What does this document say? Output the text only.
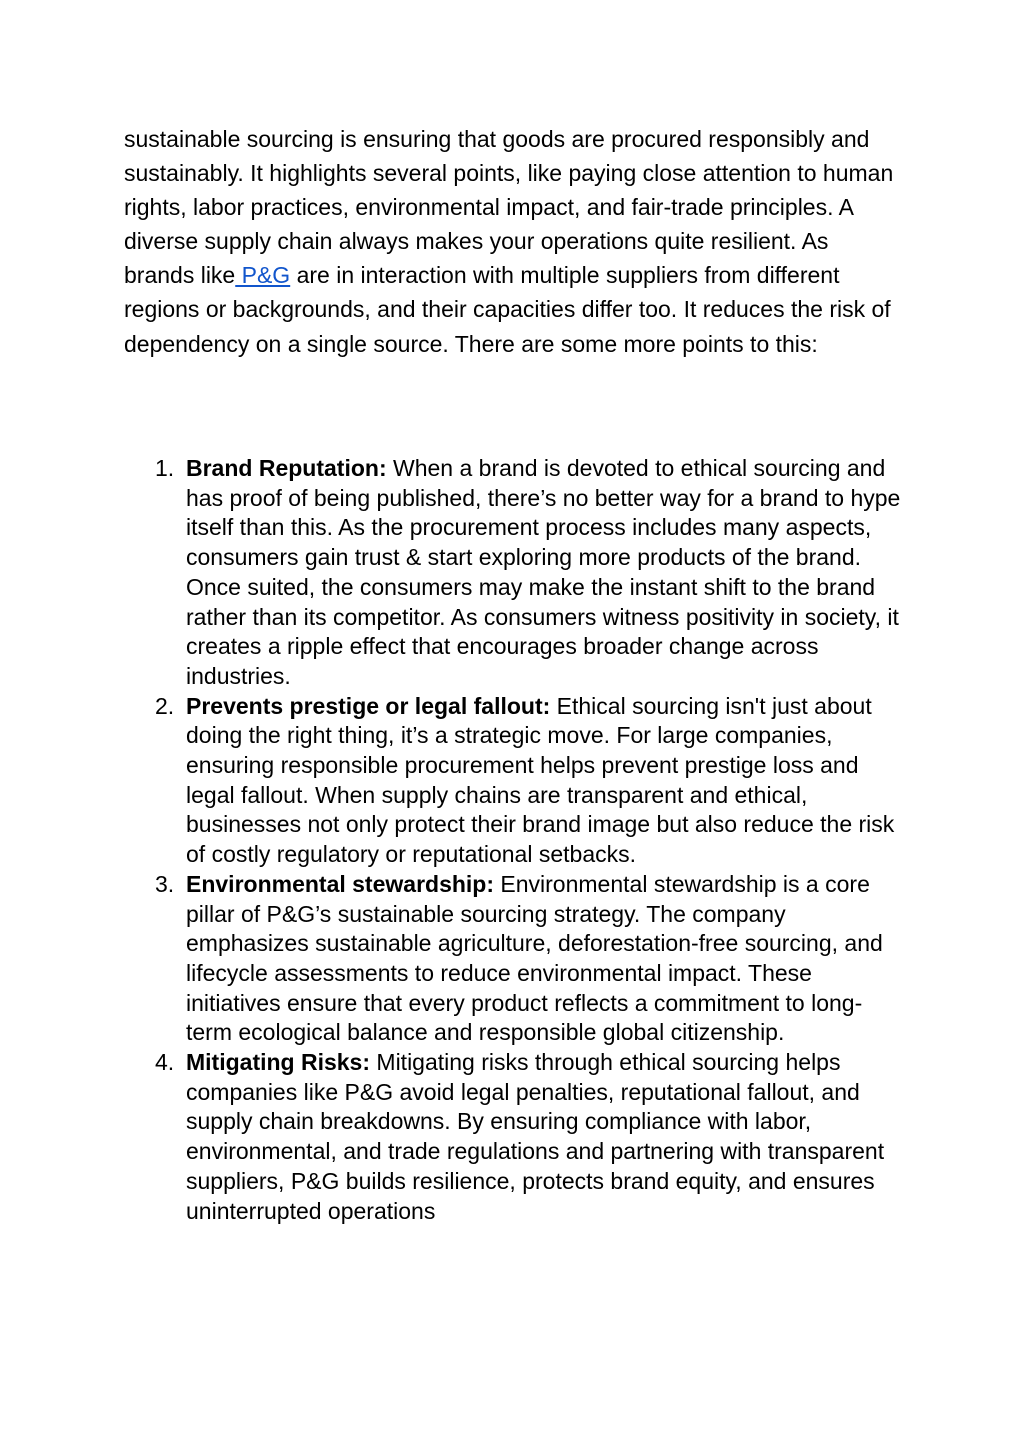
sustainable sourcing is ensuring that goods are procured responsibly and sustainably. It highlights several points, like paying close attention to human rights, labor practices, environmental impact, and fair-trade principles. A diverse supply chain always makes your operations quite resilient. As brands like P&G are in interaction with multiple suppliers from different regions or backgrounds, and their capacities differ too. It reduces the risk of dependency on a single source. There are some more points to this:

1. Brand Reputation: When a brand is devoted to ethical sourcing and has proof of being published, there’s no better way for a brand to hype itself than this. As the procurement process includes many aspects, consumers gain trust & start exploring more products of the brand. Once suited, the consumers may make the instant shift to the brand rather than its competitor. As consumers witness positivity in society, it creates a ripple effect that encourages broader change across industries.
2. Prevents prestige or legal fallout: Ethical sourcing isn't just about doing the right thing, it’s a strategic move. For large companies, ensuring responsible procurement helps prevent prestige loss and legal fallout. When supply chains are transparent and ethical, businesses not only protect their brand image but also reduce the risk of costly regulatory or reputational setbacks.
3. Environmental stewardship: Environmental stewardship is a core pillar of P&G’s sustainable sourcing strategy. The company emphasizes sustainable agriculture, deforestation-free sourcing, and lifecycle assessments to reduce environmental impact. These initiatives ensure that every product reflects a commitment to long-term ecological balance and responsible global citizenship.
4. Mitigating Risks: Mitigating risks through ethical sourcing helps companies like P&G avoid legal penalties, reputational fallout, and supply chain breakdowns. By ensuring compliance with labor, environmental, and trade regulations and partnering with transparent suppliers, P&G builds resilience, protects brand equity, and ensures uninterrupted operations
